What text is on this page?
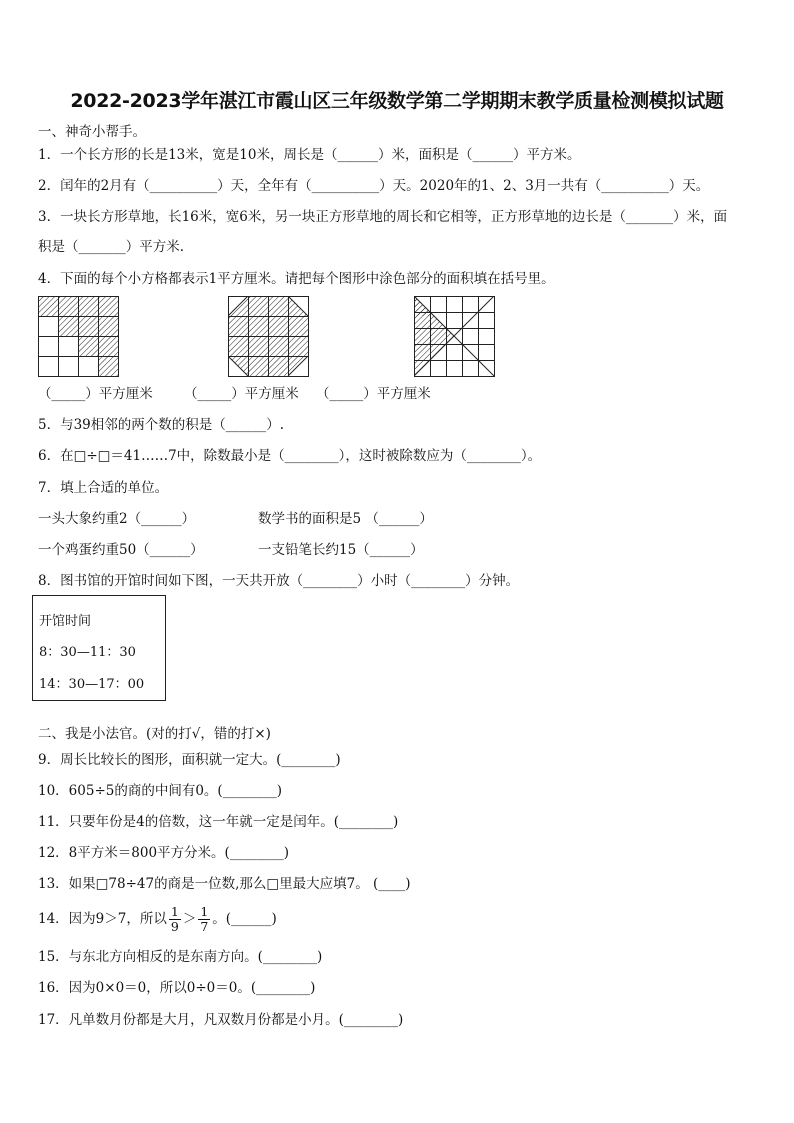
2022-2023学年湛江市霞山区三年级数学第二学期期末教学质量检测模拟试题
一、神奇小帮手。
1．一个长方形的长是13米，宽是10米，周长是（______）米，面积是（______）平方米。
2．闰年的2月有（__________）天，全年有（__________）天。2020年的1、2、3月一共有（__________）天。
3．一块长方形草地，长16米，宽6米，另一块正方形草地的周长和它相等，正方形草地的边长是（_______）米，面
积是（_______）平方米.
4．下面的每个小方格都表示1平方厘米。请把每个图形中涂色部分的面积填在括号里。
（_____）平方厘米 （_____）平方厘米 （_____）平方厘米
5．与39相邻的两个数的积是（______）.
6．在□÷□＝41……7中，除数最小是（________），这时被除数应为（________）。
7．填上合适的单位。
一头大象约重2（______）	数学书的面积是5 （______）
一个鸡蛋约重50（______）	一支铅笔长约15（______）
8．图书馆的开馆时间如下图，一天共开放（________）小时（________）分钟。
开馆时间
8：30—11：30
14：30—17：00
二、我是小法官。(对的打√，错的打×)
9．周长比较长的图形，面积就一定大。(________)
10．605÷5的商的中间有0。(________)
11．只要年份是4的倍数，这一年就一定是闰年。(________)
12．8平方米＝800平方分米。(________)
13．如果□78÷47的商是一位数,那么□里最大应填7。 (____)
14．因为9＞7，所以 $\frac{1}{9} > \frac{1}{7}$ 。(______)
15．与东北方向相反的是东南方向。(________)
16．因为0×0＝0，所以0÷0＝0。(________)
17．凡单数月份都是大月，凡双数月份都是小月。(________)
